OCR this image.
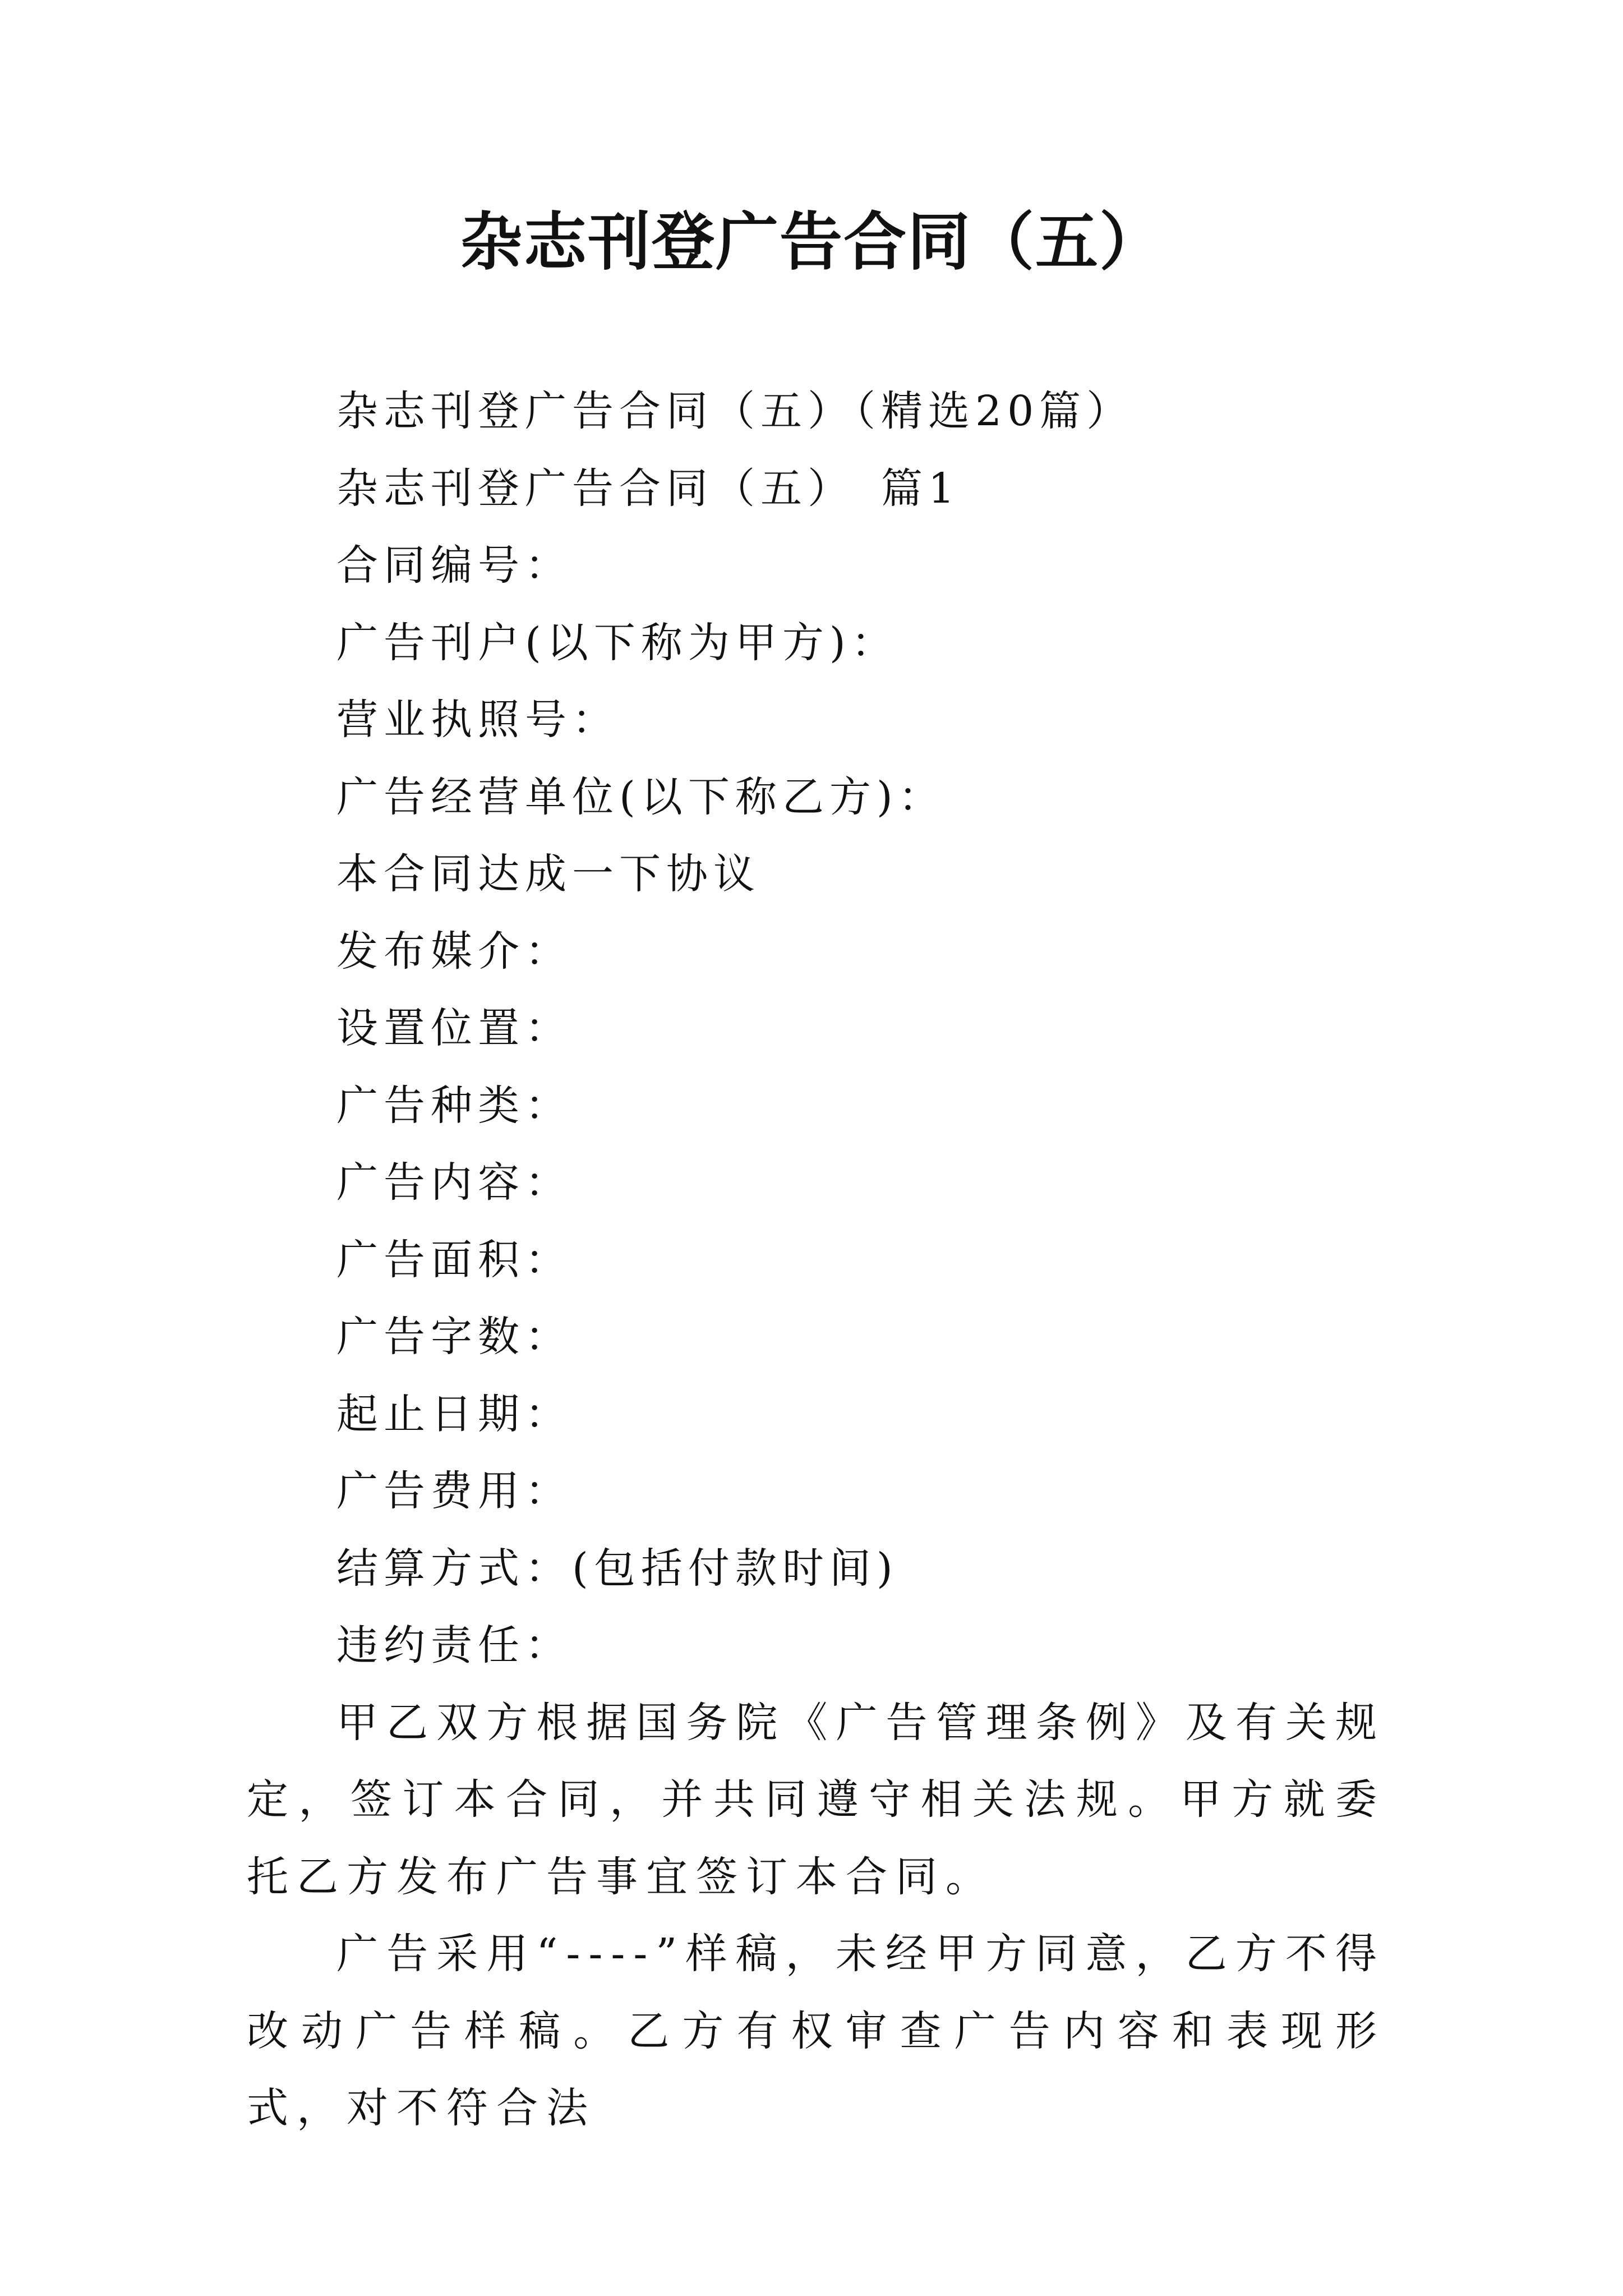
杂志刊登广告合同（五）
杂志刊登广告合同（五）（精选20篇）
杂志刊登广告合同（五）　篇1
合同编号：
广告刊户(以下称为甲方)：
营业执照号：
广告经营单位(以下称乙方)：
本合同达成一下协议
发布媒介：
设置位置：
广告种类：
广告内容：
广告面积：
广告字数：
起止日期：
广告费用：
结算方式：(包括付款时间)
违约责任：
甲乙双方根据国务院《广告管理条例》及有关规定，签订本合同，并共同遵守相关法规。甲方就委托乙方发布广告事宜签订本合同。
广告采用“----”样稿，未经甲方同意，乙方不得改动广告样稿。乙方有权审查广告内容和表现形式，对不符合法
